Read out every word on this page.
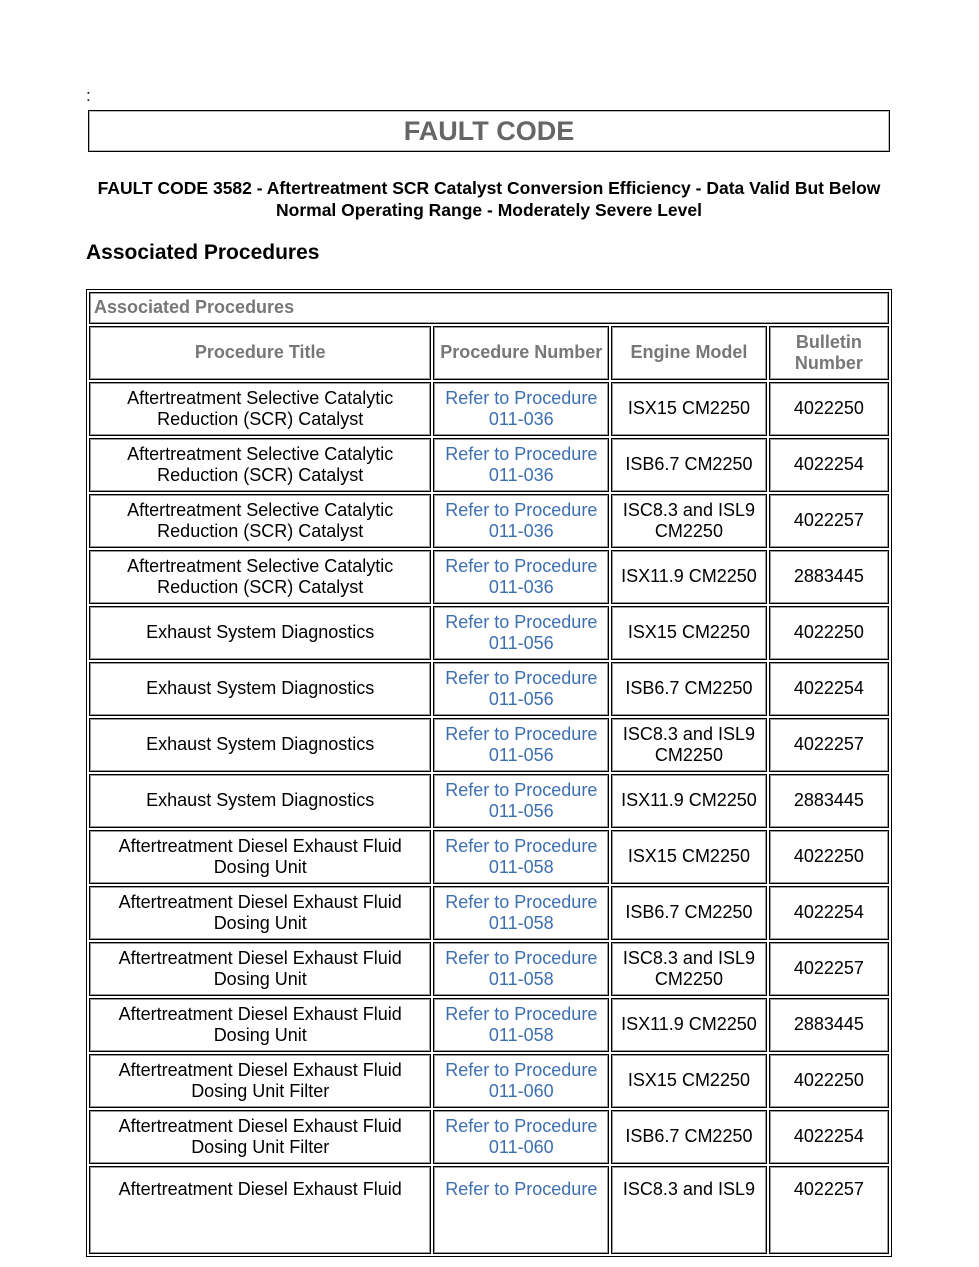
:
FAULT CODE
FAULT CODE 3582 - Aftertreatment SCR Catalyst Conversion Efficiency - Data Valid But Below Normal Operating Range - Moderately Severe Level
Associated Procedures
Associated Procedures			
Procedure Title	Procedure Number	Engine Model	Bulletin Number
Aftertreatment Selective Catalytic Reduction (SCR) Catalyst	Refer to Procedure 011-036	ISX15 CM2250	4022250
Aftertreatment Selective Catalytic Reduction (SCR) Catalyst	Refer to Procedure 011-036	ISB6.7 CM2250	4022254
Aftertreatment Selective Catalytic Reduction (SCR) Catalyst	Refer to Procedure 011-036	ISC8.3 and ISL9 CM2250	4022257
Aftertreatment Selective Catalytic Reduction (SCR) Catalyst	Refer to Procedure 011-036	ISX11.9 CM2250	2883445
Exhaust System Diagnostics	Refer to Procedure 011-056	ISX15 CM2250	4022250
Exhaust System Diagnostics	Refer to Procedure 011-056	ISB6.7 CM2250	4022254
Exhaust System Diagnostics	Refer to Procedure 011-056	ISC8.3 and ISL9 CM2250	4022257
Exhaust System Diagnostics	Refer to Procedure 011-056	ISX11.9 CM2250	2883445
Aftertreatment Diesel Exhaust Fluid Dosing Unit	Refer to Procedure 011-058	ISX15 CM2250	4022250
Aftertreatment Diesel Exhaust Fluid Dosing Unit	Refer to Procedure 011-058	ISB6.7 CM2250	4022254
Aftertreatment Diesel Exhaust Fluid Dosing Unit	Refer to Procedure 011-058	ISC8.3 and ISL9 CM2250	4022257
Aftertreatment Diesel Exhaust Fluid Dosing Unit	Refer to Procedure 011-058	ISX11.9 CM2250	2883445
Aftertreatment Diesel Exhaust Fluid Dosing Unit Filter	Refer to Procedure 011-060	ISX15 CM2250	4022250
Aftertreatment Diesel Exhaust Fluid Dosing Unit Filter	Refer to Procedure 011-060	ISB6.7 CM2250	4022254
Aftertreatment Diesel Exhaust Fluid	Refer to Procedure	ISC8.3 and ISL9	4022257
